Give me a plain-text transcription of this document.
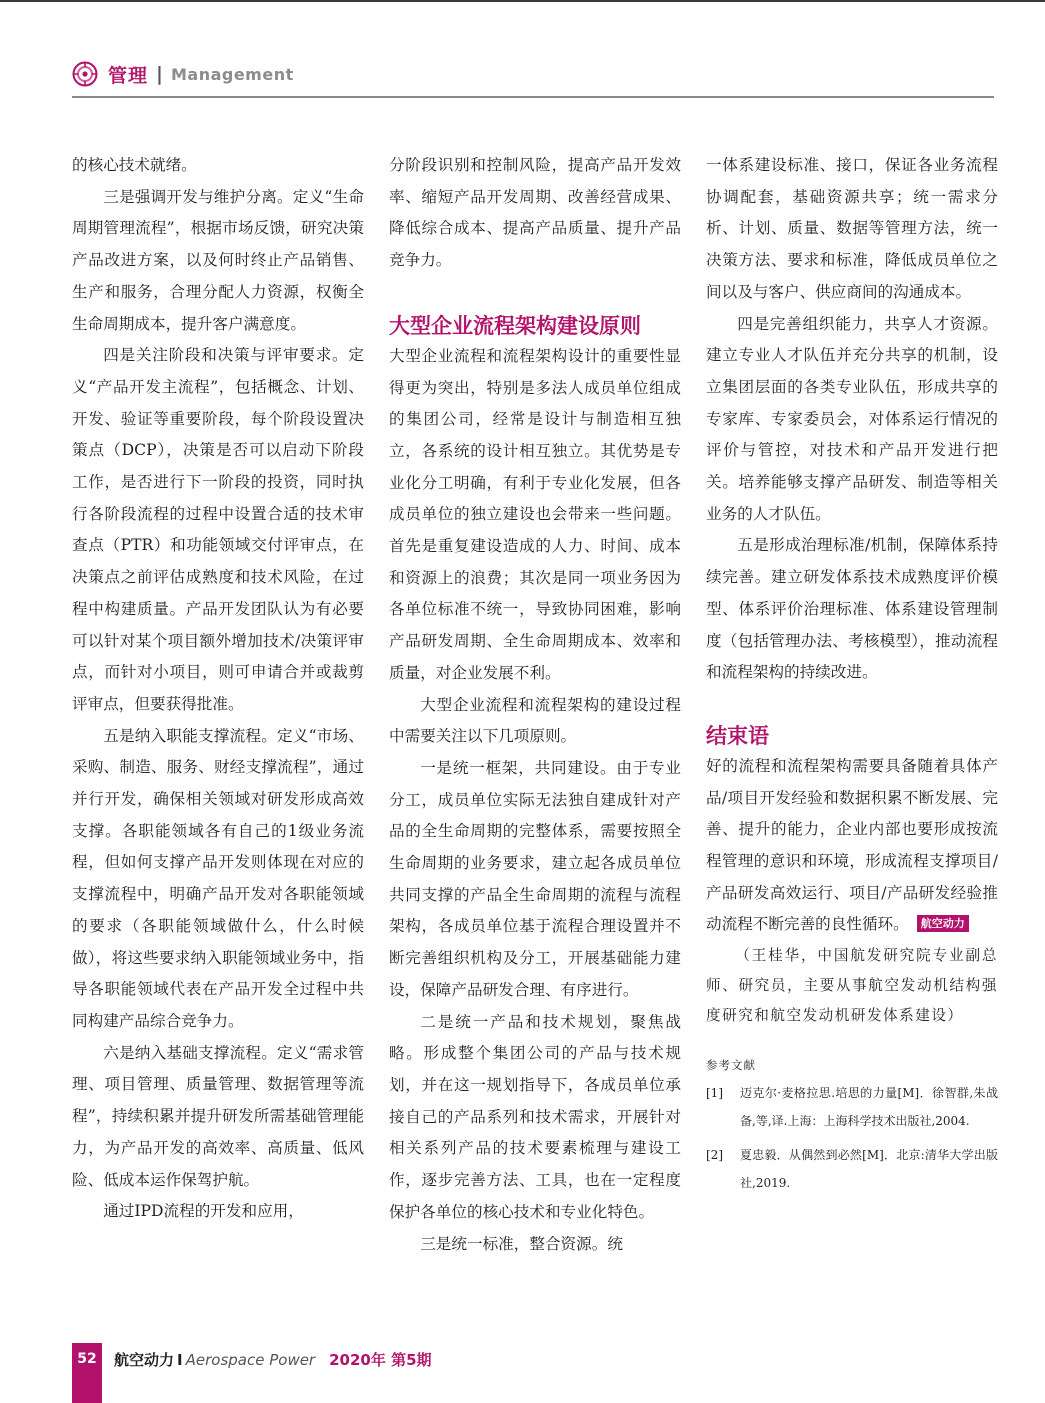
管理 | Management

的核心技术就绪。

三是强调开发与维护分离。定义“生命周期管理流程”，根据市场反馈，研究决策产品改进方案，以及何时终止产品销售、生产和服务，合理分配人力资源，权衡全生命周期成本，提升客户满意度。

四是关注阶段和决策与评审要求。定义“产品开发主流程”，包括概念、计划、开发、验证等重要阶段，每个阶段设置决策点（DCP），决策是否可以启动下阶段工作，是否进行下一阶段的投资，同时执行各阶段流程的过程中设置合适的技术审查点（PTR）和功能领域交付评审点，在决策点之前评估成熟度和技术风险，在过程中构建质量。产品开发团队认为有必要可以针对某个项目额外增加技术/决策评审点，而针对小项目，则可申请合并或裁剪评审点，但要获得批准。

五是纳入职能支撑流程。定义“市场、采购、制造、服务、财经支撑流程”，通过并行开发，确保相关领域对研发形成高效支撑。各职能领域各有自己的1级业务流程，但如何支撑产品开发则体现在对应的支撑流程中，明确产品开发对各职能领域的要求（各职能领域做什么，什么时候做），将这些要求纳入职能领域业务中，指导各职能领域代表在产品开发全过程中共同构建产品综合竞争力。

六是纳入基础支撑流程。定义“需求管理、项目管理、质量管理、数据管理等流程”，持续积累并提升研发所需基础管理能力，为产品开发的高效率、高质量、低风险、低成本运作保驾护航。

通过IPD流程的开发和应用，

分阶段识别和控制风险，提高产品开发效率、缩短产品开发周期、改善经营成果、降低综合成本、提高产品质量、提升产品竞争力。

大型企业流程架构建设原则

大型企业流程和流程架构设计的重要性显得更为突出，特别是多法人成员单位组成的集团公司，经常是设计与制造相互独立，各系统的设计相互独立。其优势是专业化分工明确，有利于专业化发展，但各成员单位的独立建设也会带来一些问题。首先是重复建设造成的人力、时间、成本和资源上的浪费；其次是同一项业务因为各单位标准不统一，导致协同困难，影响产品研发周期、全生命周期成本、效率和质量，对企业发展不利。

大型企业流程和流程架构的建设过程中需要关注以下几项原则。

一是统一框架，共同建设。由于专业分工，成员单位实际无法独自建成针对产品的全生命周期的完整体系，需要按照全生命周期的业务要求，建立起各成员单位共同支撑的产品全生命周期的流程与流程架构，各成员单位基于流程合理设置并不断完善组织机构及分工，开展基础能力建设，保障产品研发合理、有序进行。

二是统一产品和技术规划，聚焦战略。形成整个集团公司的产品与技术规划，并在这一规划指导下，各成员单位承接自己的产品系列和技术需求，开展针对相关系列产品的技术要素梳理与建设工作，逐步完善方法、工具，也在一定程度保护各单位的核心技术和专业化特色。

三是统一标准，整合资源。统

一体系建设标准、接口，保证各业务流程协调配套，基础资源共享；统一需求分析、计划、质量、数据等管理方法，统一决策方法、要求和标准，降低成员单位之间以及与客户、供应商间的沟通成本。

四是完善组织能力，共享人才资源。建立专业人才队伍并充分共享的机制，设立集团层面的各类专业队伍，形成共享的专家库、专家委员会，对体系运行情况的评价与管控，对技术和产品开发进行把关。培养能够支撑产品研发、制造等相关业务的人才队伍。

五是形成治理标准/机制，保障体系持续完善。建立研发体系技术成熟度评价模型、体系评价治理标准、体系建设管理制度（包括管理办法、考核模型），推动流程和流程架构的持续改进。

结束语

好的流程和流程架构需要具备随着具体产品/项目开发经验和数据积累不断发展、完善、提升的能力，企业内部也要形成按流程管理的意识和环境，形成流程支撑项目/产品研发高效运行、项目/产品研发经验推动流程不断完善的良性循环。 航空动力

（王桂华，中国航发研究院专业副总师、研究员，主要从事航空发动机结构强度研究和航空发动机研发体系建设）

参考文献
[1]	迈克尔·麦格拉思.培思的力量[M]．徐智群,朱战备,等,译.上海：上海科学技术出版社,2004.
[2]	夏忠毅．从偶然到必然[M]．北京:清华大学出版社,2019.
52	航空动力 I Aerospace Power 2020年 第5期
